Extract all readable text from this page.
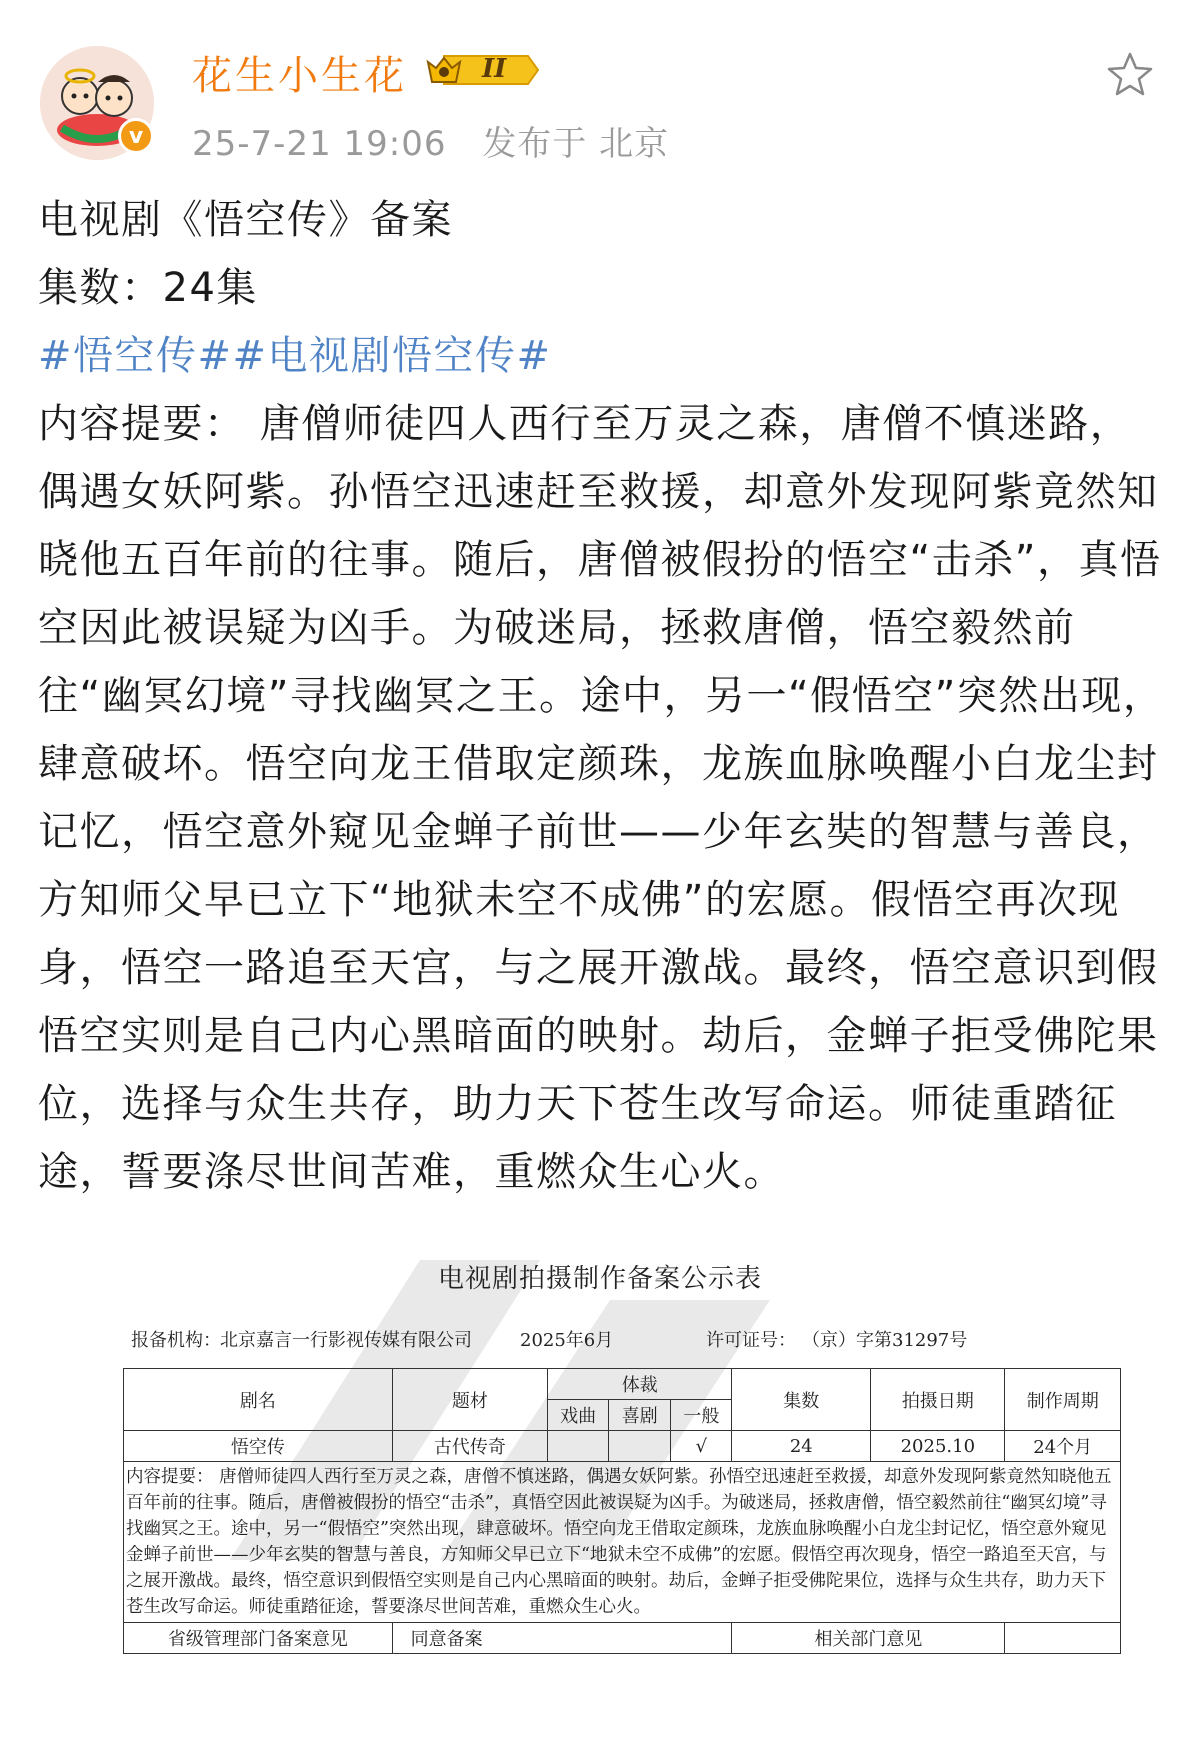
v
花生小生花	II
25-7-21 19:06 发布于 北京

电视剧《悟空传》备案

集数：24集

#悟空传##电视剧悟空传#

内容提要： 唐僧师徒四人西行至万灵之森，唐僧不慎迷路，偶遇女妖阿紫。孙悟空迅速赶至救援，却意外发现阿紫竟然知晓他五百年前的往事。随后，唐僧被假扮的悟空“击杀”，真悟空因此被误疑为凶手。为破迷局，拯救唐僧，悟空毅然前往“幽冥幻境”寻找幽冥之王。途中，另一“假悟空”突然出现，肆意破坏。悟空向龙王借取定颜珠，龙族血脉唤醒小白龙尘封记忆，悟空意外窥见金蝉子前世——少年玄奘的智慧与善良，方知师父早已立下“地狱未空不成佛”的宏愿。假悟空再次现身，悟空一路追至天宫，与之展开激战。最终，悟空意识到假悟空实则是自己内心黑暗面的映射。劫后，金蝉子拒受佛陀果位，选择与众生共存，助力天下苍生改写命运。师徒重踏征途，誓要涤尽世间苦难，重燃众生心火。

电视剧拍摄制作备案公示表
报备机构： 北京嘉言一行影视传媒有限公司	2025年6月	许可证号： （京）字第31297号
剧名	题材	体裁			集数	拍摄日期	制作周期
		戏曲	喜剧	一般			
悟空传	古代传奇			√	24	2025.10	24个月
内容提要： 唐僧师徒四人西行至万灵之森，唐僧不慎迷路，偶遇女妖阿紫。孙悟空迅速赶至救援，却意外发现阿紫竟然知晓他五百年前的往事。随后，唐僧被假扮的悟空“击杀”，真悟空因此被误疑为凶手。为破迷局，拯救唐僧，悟空毅然前往“幽冥幻境”寻找幽冥之王。途中，另一“假悟空”突然出现，肆意破坏。悟空向龙王借取定颜珠，龙族血脉唤醒小白龙尘封记忆，悟空意外窥见金蝉子前世——少年玄奘的智慧与善良，方知师父早已立下“地狱未空不成佛”的宏愿。假悟空再次现身，悟空一路追至天宫，与之展开激战。最终，悟空意识到假悟空实则是自己内心黑暗面的映射。劫后，金蝉子拒受佛陀果位，选择与众生共存，助力天下苍生改写命运。师徒重踏征途，誓要涤尽世间苦难，重燃众生心火。							
省级管理部门备案意见	同意备案				相关部门意见		
